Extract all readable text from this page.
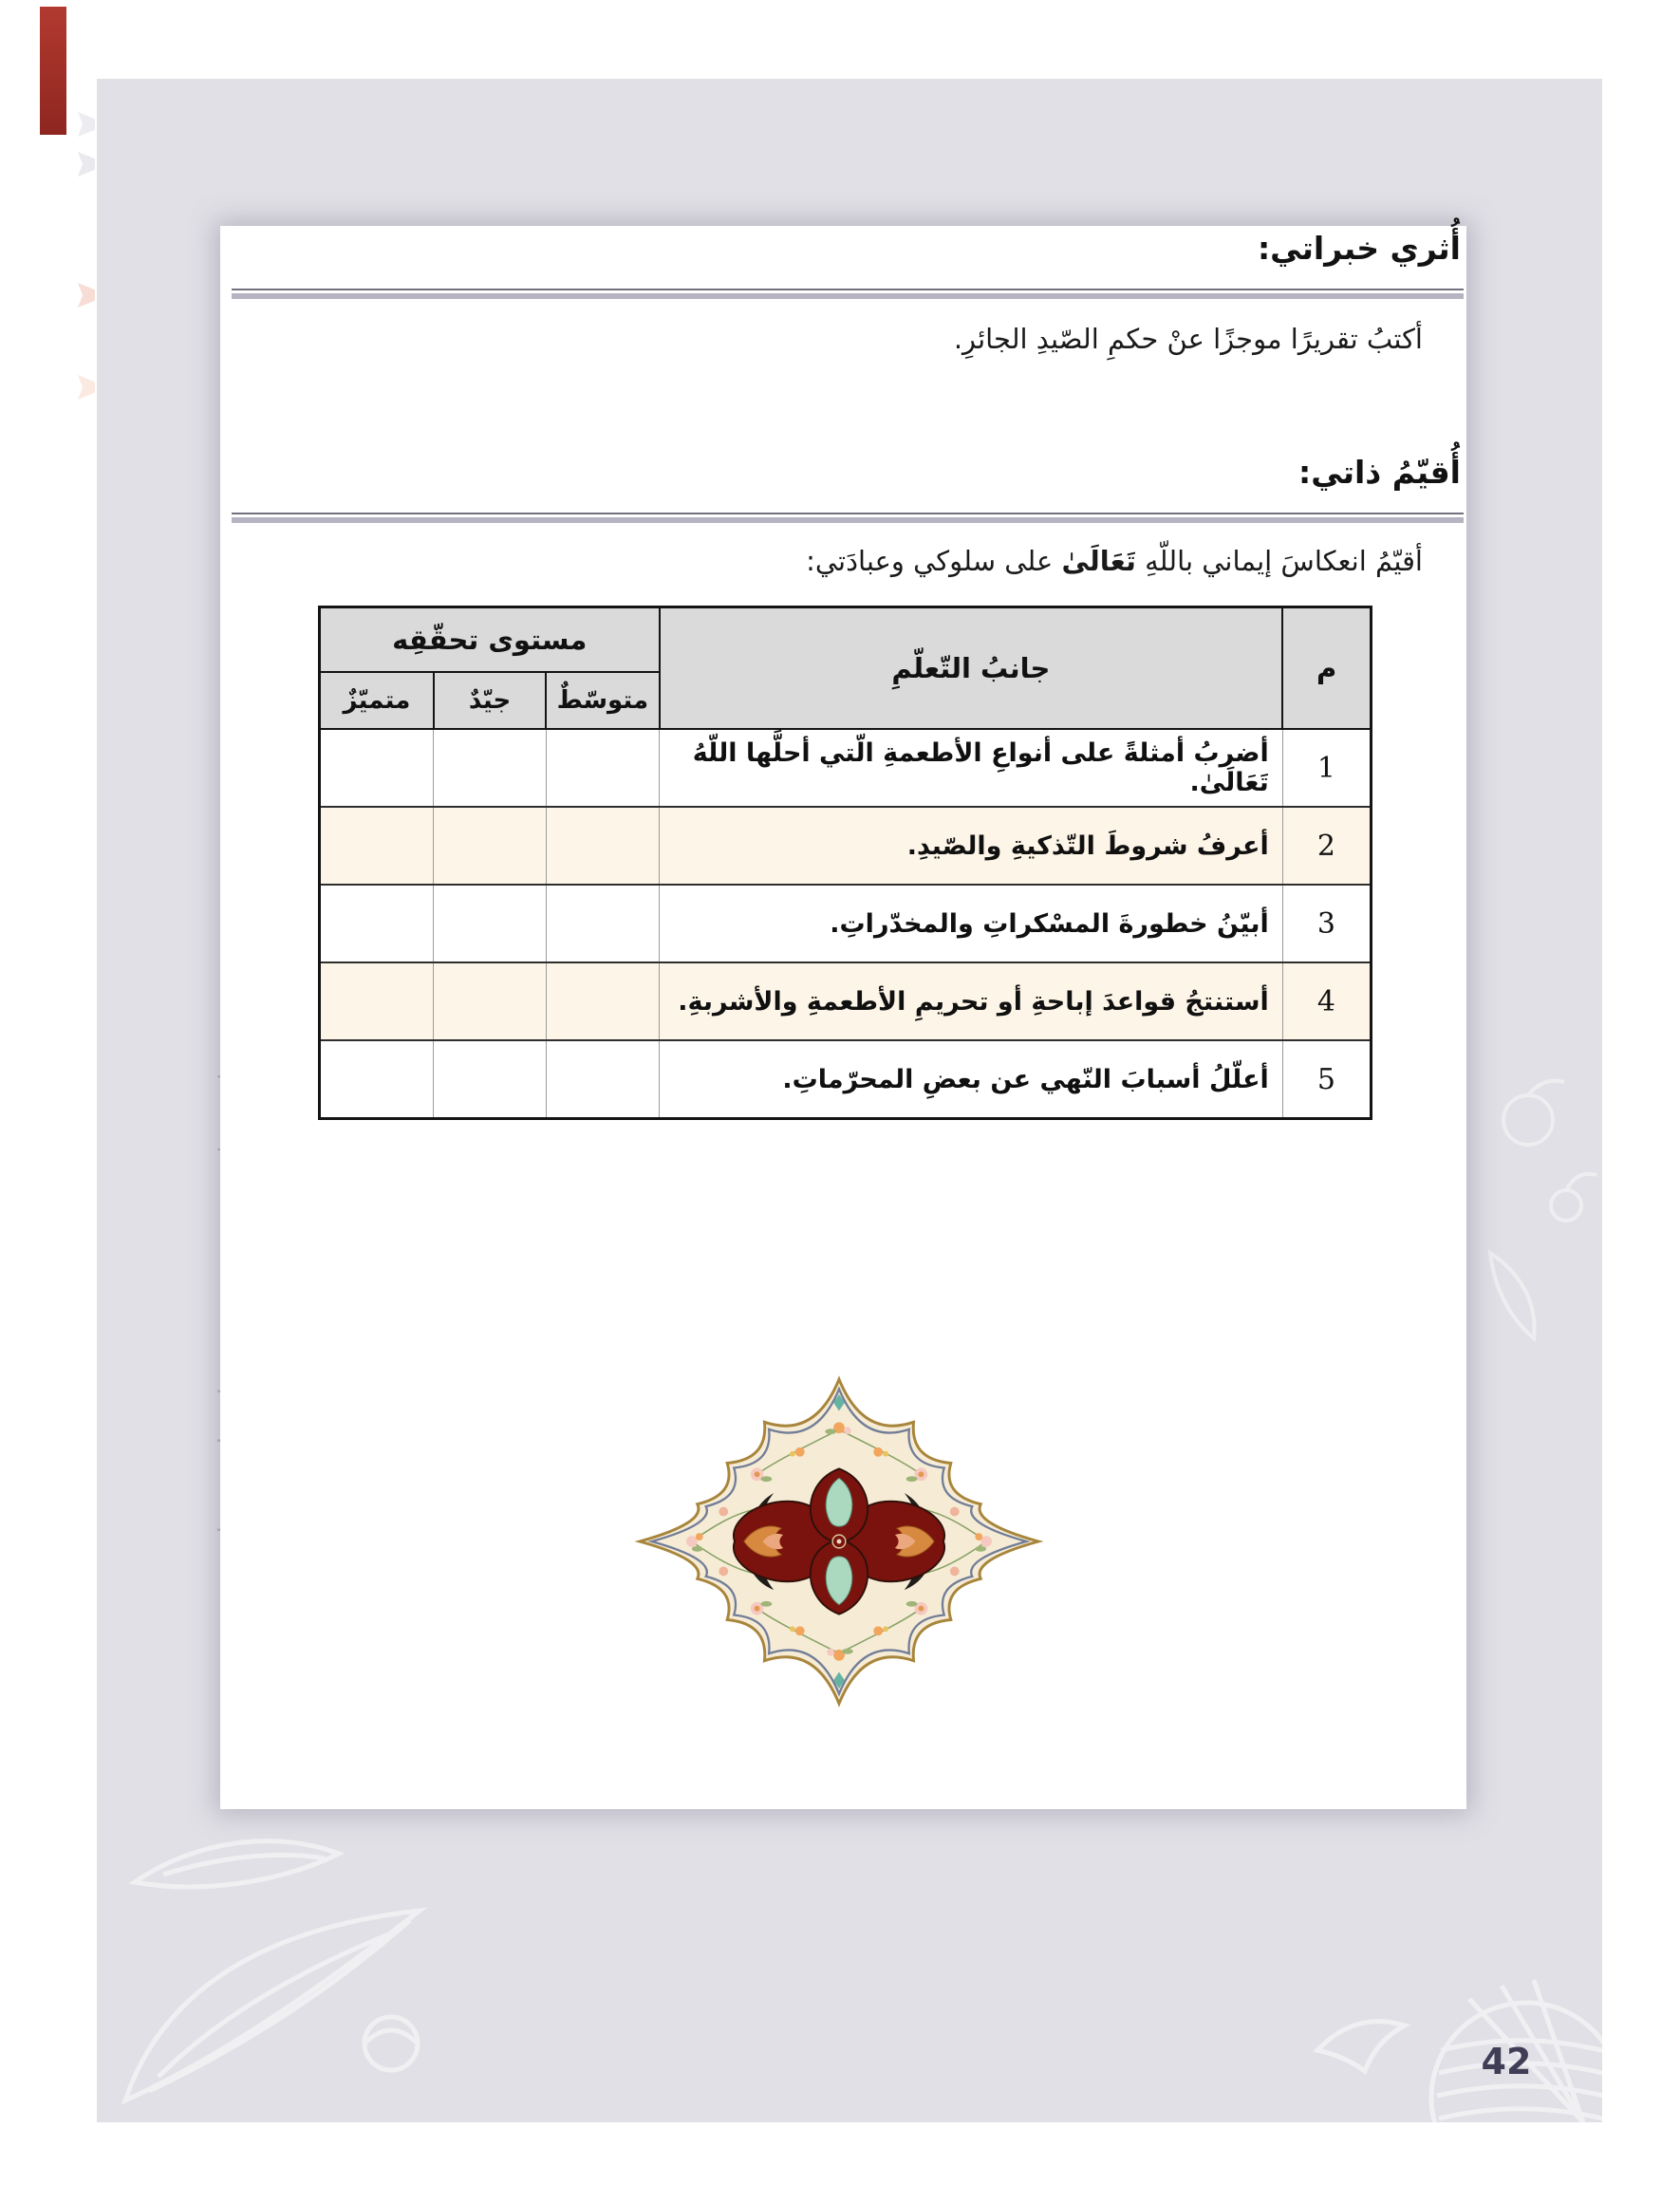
أُثري خبراتي:
أكتبُ تقريرًا موجزًا عنْ حكمِ الصّيدِ الجائرِ.
أُقيّمُ ذاتي:
أقيّمُ انعكاسَ إيماني باللّهِ تَعَالَىٰ على سلوكي وعبادَتي:
م	جانبُ التّعلّمِ	مستوى تحقّقِه		
		متوسّطٌ	جيّدٌ	متميّزٌ
1	أضربُ أمثلةً على أنواعِ الأطعمةِ الّتي أحلَّها اللّهُ تَعَالَىٰ.			
2	أعرفُ شروطَ التّذكيةِ والصّيدِ.			
3	أبيّنُ خطورةَ المسْكراتِ والمخدّراتِ.			
4	أستنتجُ قواعدَ إباحةِ أو تحريمِ الأطعمةِ والأشربةِ.			
5	أعلّلُ أسبابَ النّهي عن بعضِ المحرّماتِ.			
42
